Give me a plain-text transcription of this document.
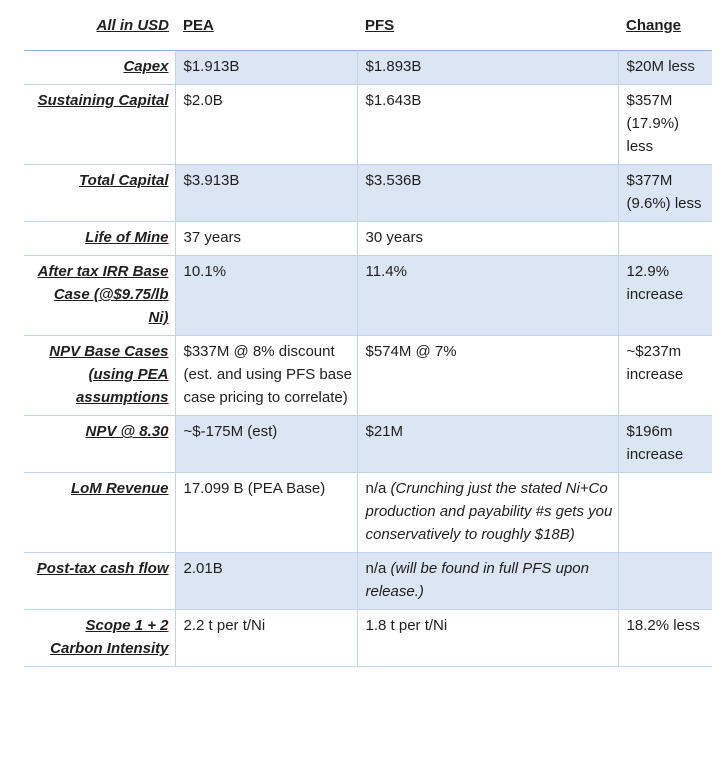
All in USD	PEA	PFS	Change
Capex	$1.913B	$1.893B	$20M less
Sustaining Capital	$2.0B	$1.643B	$357M (17.9%) less
Total Capital	$3.913B	$3.536B	$377M (9.6%) less
Life of Mine	37 years	30 years	
After tax IRR Base Case (@$9.75/lb Ni)	10.1%	11.4%	12.9% increase
NPV Base Cases (using PEA assumptions	$337M @ 8% discount (est. and using PFS base case pricing to correlate)	$574M @ 7%	~$237m increase
NPV @ 8.30	~$-175M (est)	$21M	$196m increase
LoM Revenue	17.099 B (PEA Base)	n/a (Crunching just the stated Ni+Co production and payability #s gets you conservatively to roughly $18B)	
Post-tax cash flow	2.01B	n/a (will be found in full PFS upon release.)	
Scope 1 + 2 Carbon Intensity	2.2 t per t/Ni	1.8 t per t/Ni	18.2% less
